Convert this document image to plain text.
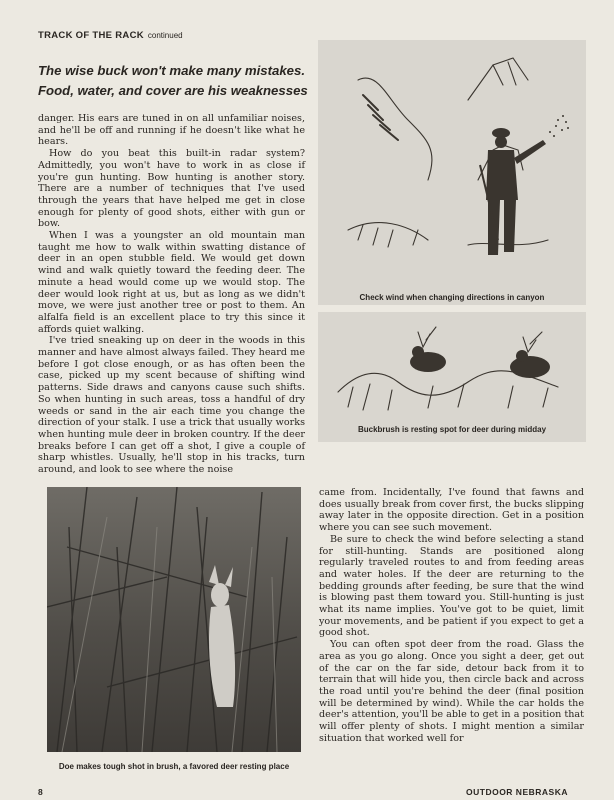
TRACK OF THE RACK continued
The wise buck won't make many mistakes.
Food, water, and cover are his weaknesses

danger. His ears are tuned in on all unfamiliar noises, and he'll be off and running if he doesn't like what he hears.

How do you beat this built-in radar system? Admittedly, you won't have to work in as close if you're gun hunting. Bow hunting is another story. There are a number of techniques that I've used through the years that have helped me get in close enough for plenty of good shots, either with gun or bow.

When I was a youngster an old mountain man taught me how to walk within swatting distance of deer in an open stubble field. We would get down wind and walk quietly toward the feeding deer. The minute a head would come up we would stop. The deer would look right at us, but as long as we didn't move, we were just another tree or post to them. An alfalfa field is an excellent place to try this since it affords quiet walking.

I've tried sneaking up on deer in the woods in this manner and have almost always failed. They heard me before I got close enough, or as has often been the case, picked up my scent because of shifting wind patterns. Side draws and canyons cause such shifts. So when hunting in such areas, toss a handful of dry weeds or sand in the air each time you change the direction of your stalk. I use a trick that usually works when hunting mule deer in broken country. If the deer breaks before I can get off a shot, I give a couple of sharp whistles. Usually, he'll stop in his tracks, turn around, and look to see where the noise

Check wind when changing directions in canyon
Buckbrush is resting spot for deer during midday
Doe makes tough shot in brush, a favored deer resting place

came from. Incidentally, I've found that fawns and does usually break from cover first, the bucks slipping away later in the opposite direction. Get in a position where you can see such movement.

Be sure to check the wind before selecting a stand for still-hunting. Stands are positioned along regularly traveled routes to and from feeding areas and water holes. If the deer are returning to the bedding grounds after feeding, be sure that the wind is blowing past them toward you. Still-hunting is just what its name implies. You've got to be quiet, limit your movements, and be patient if you expect to get a good shot.

You can often spot deer from the road. Glass the area as you go along. Once you sight a deer, get out of the car on the far side, detour back from it to terrain that will hide you, then circle back and across the road until you're behind the deer (final position will be determined by wind). While the car holds the deer's attention, you'll be able to get in a position that will offer plenty of shots. I might mention a similar situation that worked well for

8	OUTDOOR NEBRASKA
